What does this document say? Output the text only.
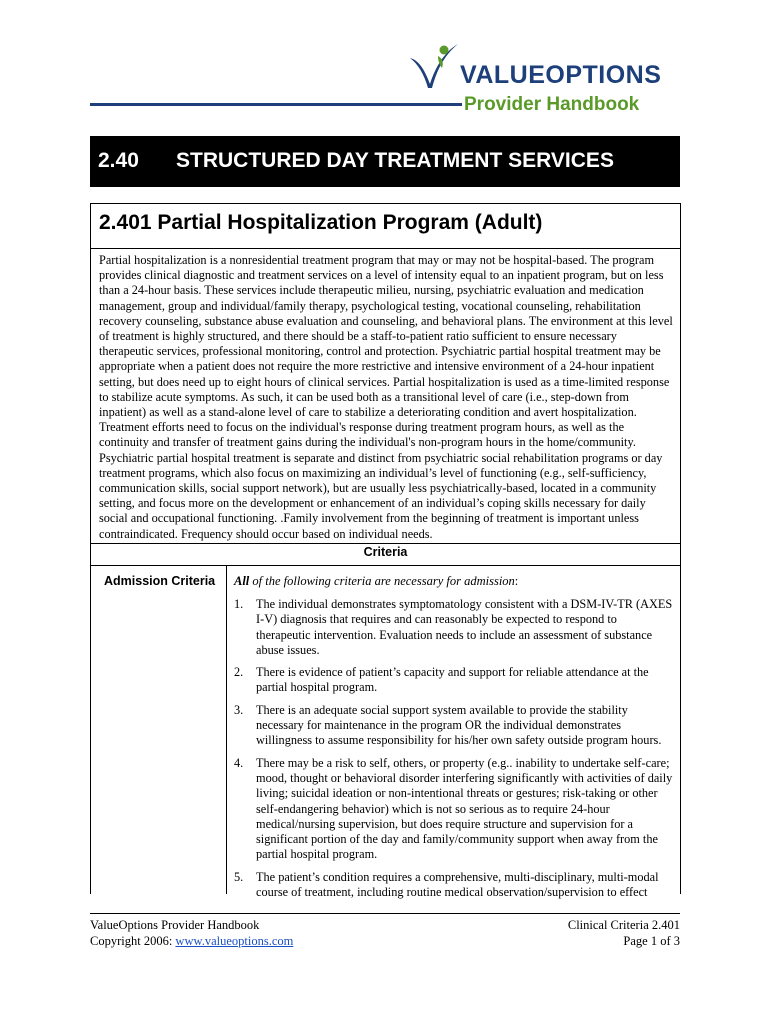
VALUEOPTIONS
Provider Handbook
2.40 STRUCTURED DAY TREATMENT SERVICES
2.401 Partial Hospitalization Program (Adult)

Partial hospitalization is a nonresidential treatment program that may or may not be hospital-based. The program provides clinical diagnostic and treatment services on a level of intensity equal to an inpatient program, but on less than a 24-hour basis. These services include therapeutic milieu, nursing, psychiatric evaluation and medication management, group and individual/family therapy, psychological testing, vocational counseling, rehabilitation recovery counseling, substance abuse evaluation and counseling, and behavioral plans. The environment at this level of treatment is highly structured, and there should be a staff-to-patient ratio sufficient to ensure necessary therapeutic services, professional monitoring, control and protection. Psychiatric partial hospital treatment may be appropriate when a patient does not require the more restrictive and intensive environment of a 24-hour inpatient setting, but does need up to eight hours of clinical services. Partial hospitalization is used as a time-limited response to stabilize acute symptoms. As such, it can be used both as a transitional level of care (i.e., step-down from inpatient) as well as a stand-alone level of care to stabilize a deteriorating condition and avert hospitalization. Treatment efforts need to focus on the individual's response during treatment program hours, as well as the continuity and transfer of treatment gains during the individual's non-program hours in the home/community. Psychiatric partial hospital treatment is separate and distinct from psychiatric social rehabilitation programs or day treatment programs, which also focus on maximizing an individual’s level of functioning (e.g., self-sufficiency, communication skills, social support network), but are usually less psychiatrically-based, located in a community setting, and focus more on the development or enhancement of an individual’s coping skills necessary for daily social and occupational functioning. .Family involvement from the beginning of treatment is important unless contraindicated. Frequency should occur based on individual needs.

Criteria
Admission Criteria All of the following criteria are necessary for admission:
1. The individual demonstrates symptomatology consistent with a DSM-IV-TR (AXES I-V) diagnosis that requires and can reasonably be expected to respond to therapeutic intervention. Evaluation needs to include an assessment of substance abuse issues.
2. There is evidence of patient’s capacity and support for reliable attendance at the partial hospital program.
3. There is an adequate social support system available to provide the stability necessary for maintenance in the program OR the individual demonstrates willingness to assume responsibility for his/her own safety outside program hours.
4. There may be a risk to self, others, or property (e.g.. inability to undertake self-care; mood, thought or behavioral disorder interfering significantly with activities of daily living; suicidal ideation or non-intentional threats or gestures; risk-taking or other self-endangering behavior) which is not so serious as to require 24-hour medical/nursing supervision, but does require structure and supervision for a significant portion of the day and family/community support when away from the partial hospital program.
5. The patient’s condition requires a comprehensive, multi-disciplinary, multi-modal course of treatment, including routine medical observation/supervision to effect
ValueOptions Provider Handbook
Copyright 2006: www.valueoptions.com
Clinical Criteria 2.401
Page 1 of 3
